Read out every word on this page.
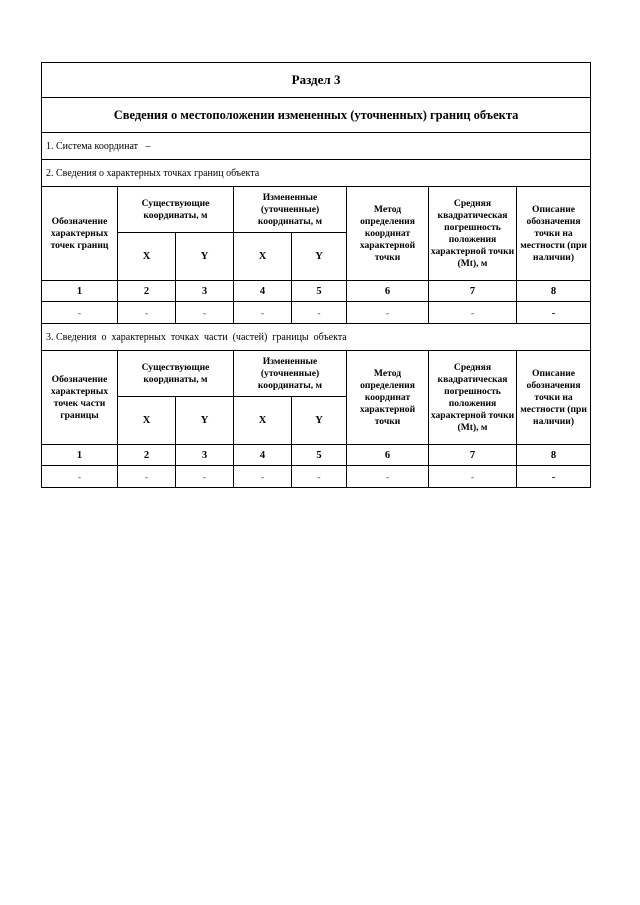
Раздел 3							
Сведения о местоположении измененных (уточненных) границ объекта							
1. Система координат –							
2. Сведения о характерных точках границ объекта							
Обозначение характерных точек границ	Существующие координаты, м		Измененные (уточненные) координаты, м		Метод определения координат характерной точки	Средняя квадратическая погрешность положения характерной точки (Mt), м	Описание обозначения точки на местности (при наличии)
	X	Y	X	Y			
1	2	3	4	5	6	7	8
-	-	-	-	-	-	-	-
3. Сведения  о  характерных  точках  части  (частей)  границы  объекта							
Обозначение характерных точек части границы	Существующие координаты, м		Измененные (уточненные) координаты, м		Метод определения координат характерной точки	Средняя квадратическая погрешность положения характерной точки (Mt), м	Описание обозначения точки на местности (при наличии)
	X	Y	X	Y			
1	2	3	4	5	6	7	8
-	-	-	-	-	-	-	-
